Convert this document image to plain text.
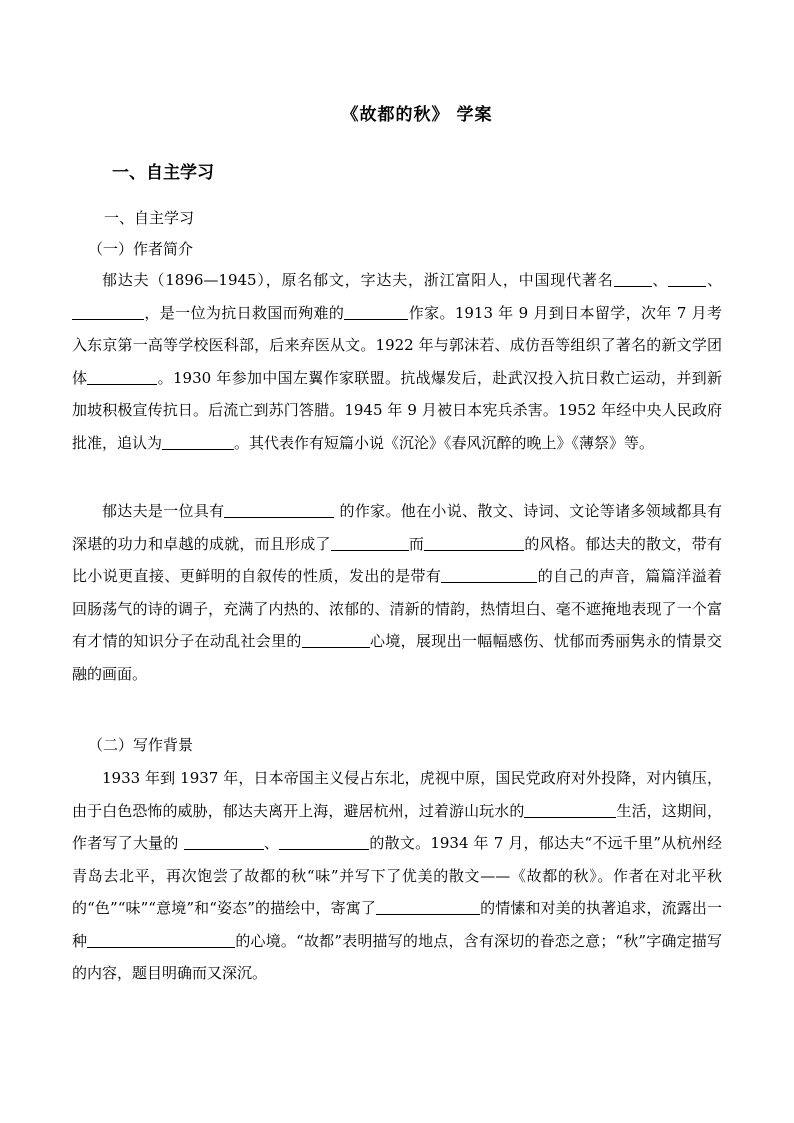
《故都的秋》 学案
一、自主学习
一、自主学习
（一）作者简介

郁达夫（1896—1945），原名郁文，字达夫，浙江富阳人，中国现代著名	、	、，是一位为抗日救国而殉难的	作家。1913 年 9 月到日本留学，次年 7 月考入东京第一高等学校医科部，后来弃医从文。1922 年与郭沫若、成仿吾等组织了著名的新文学团体	。1930 年参加中国左翼作家联盟。抗战爆发后，赴武汉投入抗日救亡运动，并到新加坡积极宣传抗日。后流亡到苏门答腊。1945 年 9 月被日本宪兵杀害。1952 年经中央人民政府批准，追认为	。其代表作有短篇小说《沉沦》《春风沉醉的晚上》《薄祭》等。

郁达夫是一位具有	的作家。他在小说、散文、诗词、文论等诸多领域都具有深堪的功力和卓越的成就，而且形成了	而	的风格。郁达夫的散文，带有比小说更直接、更鲜明的自叙传的性质，发出的是带有	的自己的声音，篇篇洋溢着回肠荡气的诗的调子，充满了内热的、浓郁的、清新的情韵，热情坦白、毫不遮掩地表现了一个富有才情的知识分子在动乱社会里的	心境，展现出一幅幅感伤、忧郁而秀丽隽永的情景交融的画面。

（二）写作背景

1933 年到 1937 年，日本帝国主义侵占东北，虎视中原，国民党政府对外投降，对内镇压，由于白色恐怖的威胁，郁达夫离开上海，避居杭州，过着游山玩水的	生活，这期间，作者写了大量的	、	的散文。1934 年 7 月，郁达夫“不远千里”从杭州经青岛去北平，再次饱尝了故都的秋“味”并写下了优美的散文——《故都的秋》。作者在对北平秋的“色”“味”“意境”和“姿态”的描绘中，寄寓了	的情愫和对美的执著追求，流露出一种	的心境。“故都”表明描写的地点，含有深切的眷恋之意；“秋”字确定描写的内容，题目明确而又深沉。
